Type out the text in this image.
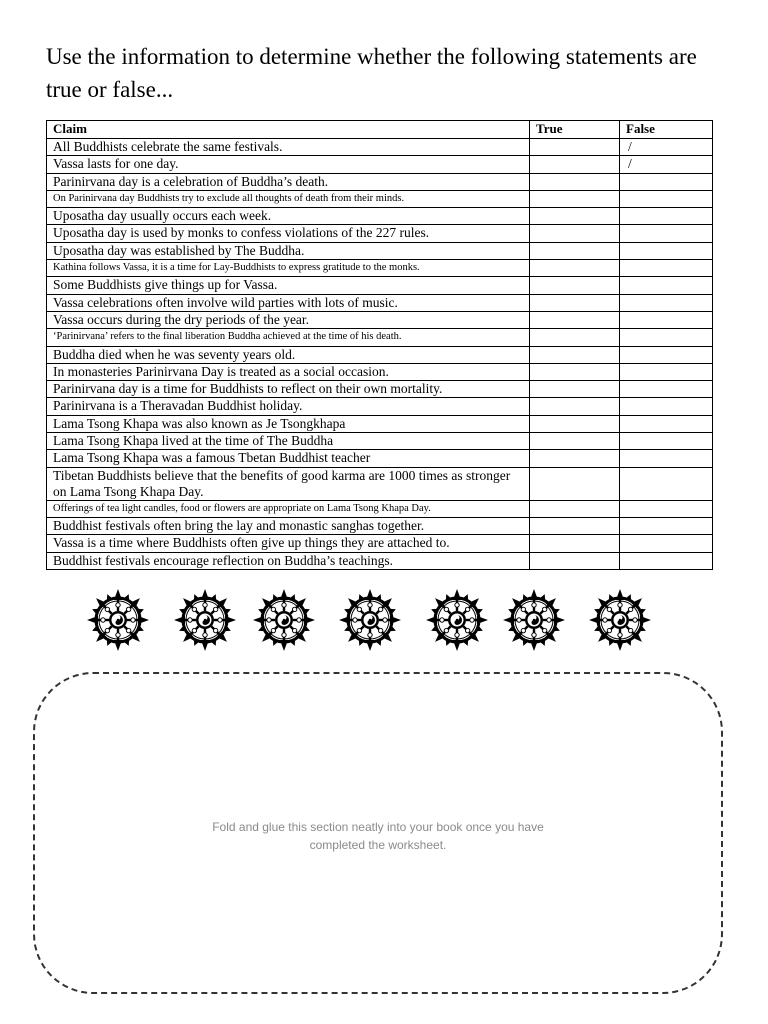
Use the information to determine whether the following statements are true or false...
Claim	True	False
All Buddhists celebrate the same festivals.		/
Vassa lasts for one day.		/
Parinirvana day is a celebration of Buddha’s death.		
On Parinirvana day Buddhists try to exclude all thoughts of death from their minds.		
Uposatha day usually occurs each week.		
Uposatha day is used by monks to confess violations of the 227 rules.		
Uposatha day was established by The Buddha.		
Kathina follows Vassa, it is a time for Lay-Buddhists to express gratitude to the monks.		
Some Buddhists give things up for Vassa.		
Vassa celebrations often involve wild parties with lots of music.		
Vassa occurs during the dry periods of the year.		
‘Parinirvana’ refers to the final liberation Buddha achieved at the time of his death.		
Buddha died when he was seventy years old.		
In monasteries Parinirvana Day is treated as a social occasion.		
Parinirvana day is a time for Buddhists to reflect on their own mortality.		
Parinirvana is a Theravadan Buddhist holiday.		
Lama Tsong Khapa was also known as Je Tsongkhapa		
Lama Tsong Khapa lived at the time of The Buddha		
Lama Tsong Khapa was a famous Tbetan Buddhist teacher		
Tibetan Buddhists believe that the benefits of good karma are 1000 times as stronger on Lama Tsong Khapa Day.		
Offerings of tea light candles, food or flowers are appropriate on Lama Tsong Khapa Day.		
Buddhist festivals often bring the lay and monastic sanghas together.		
Vassa is a time where Buddhists often give up things they are attached to.		
Buddhist festivals encourage reflection on Buddha’s teachings.		

Fold and glue this section neatly into your book once you have completed the worksheet.
